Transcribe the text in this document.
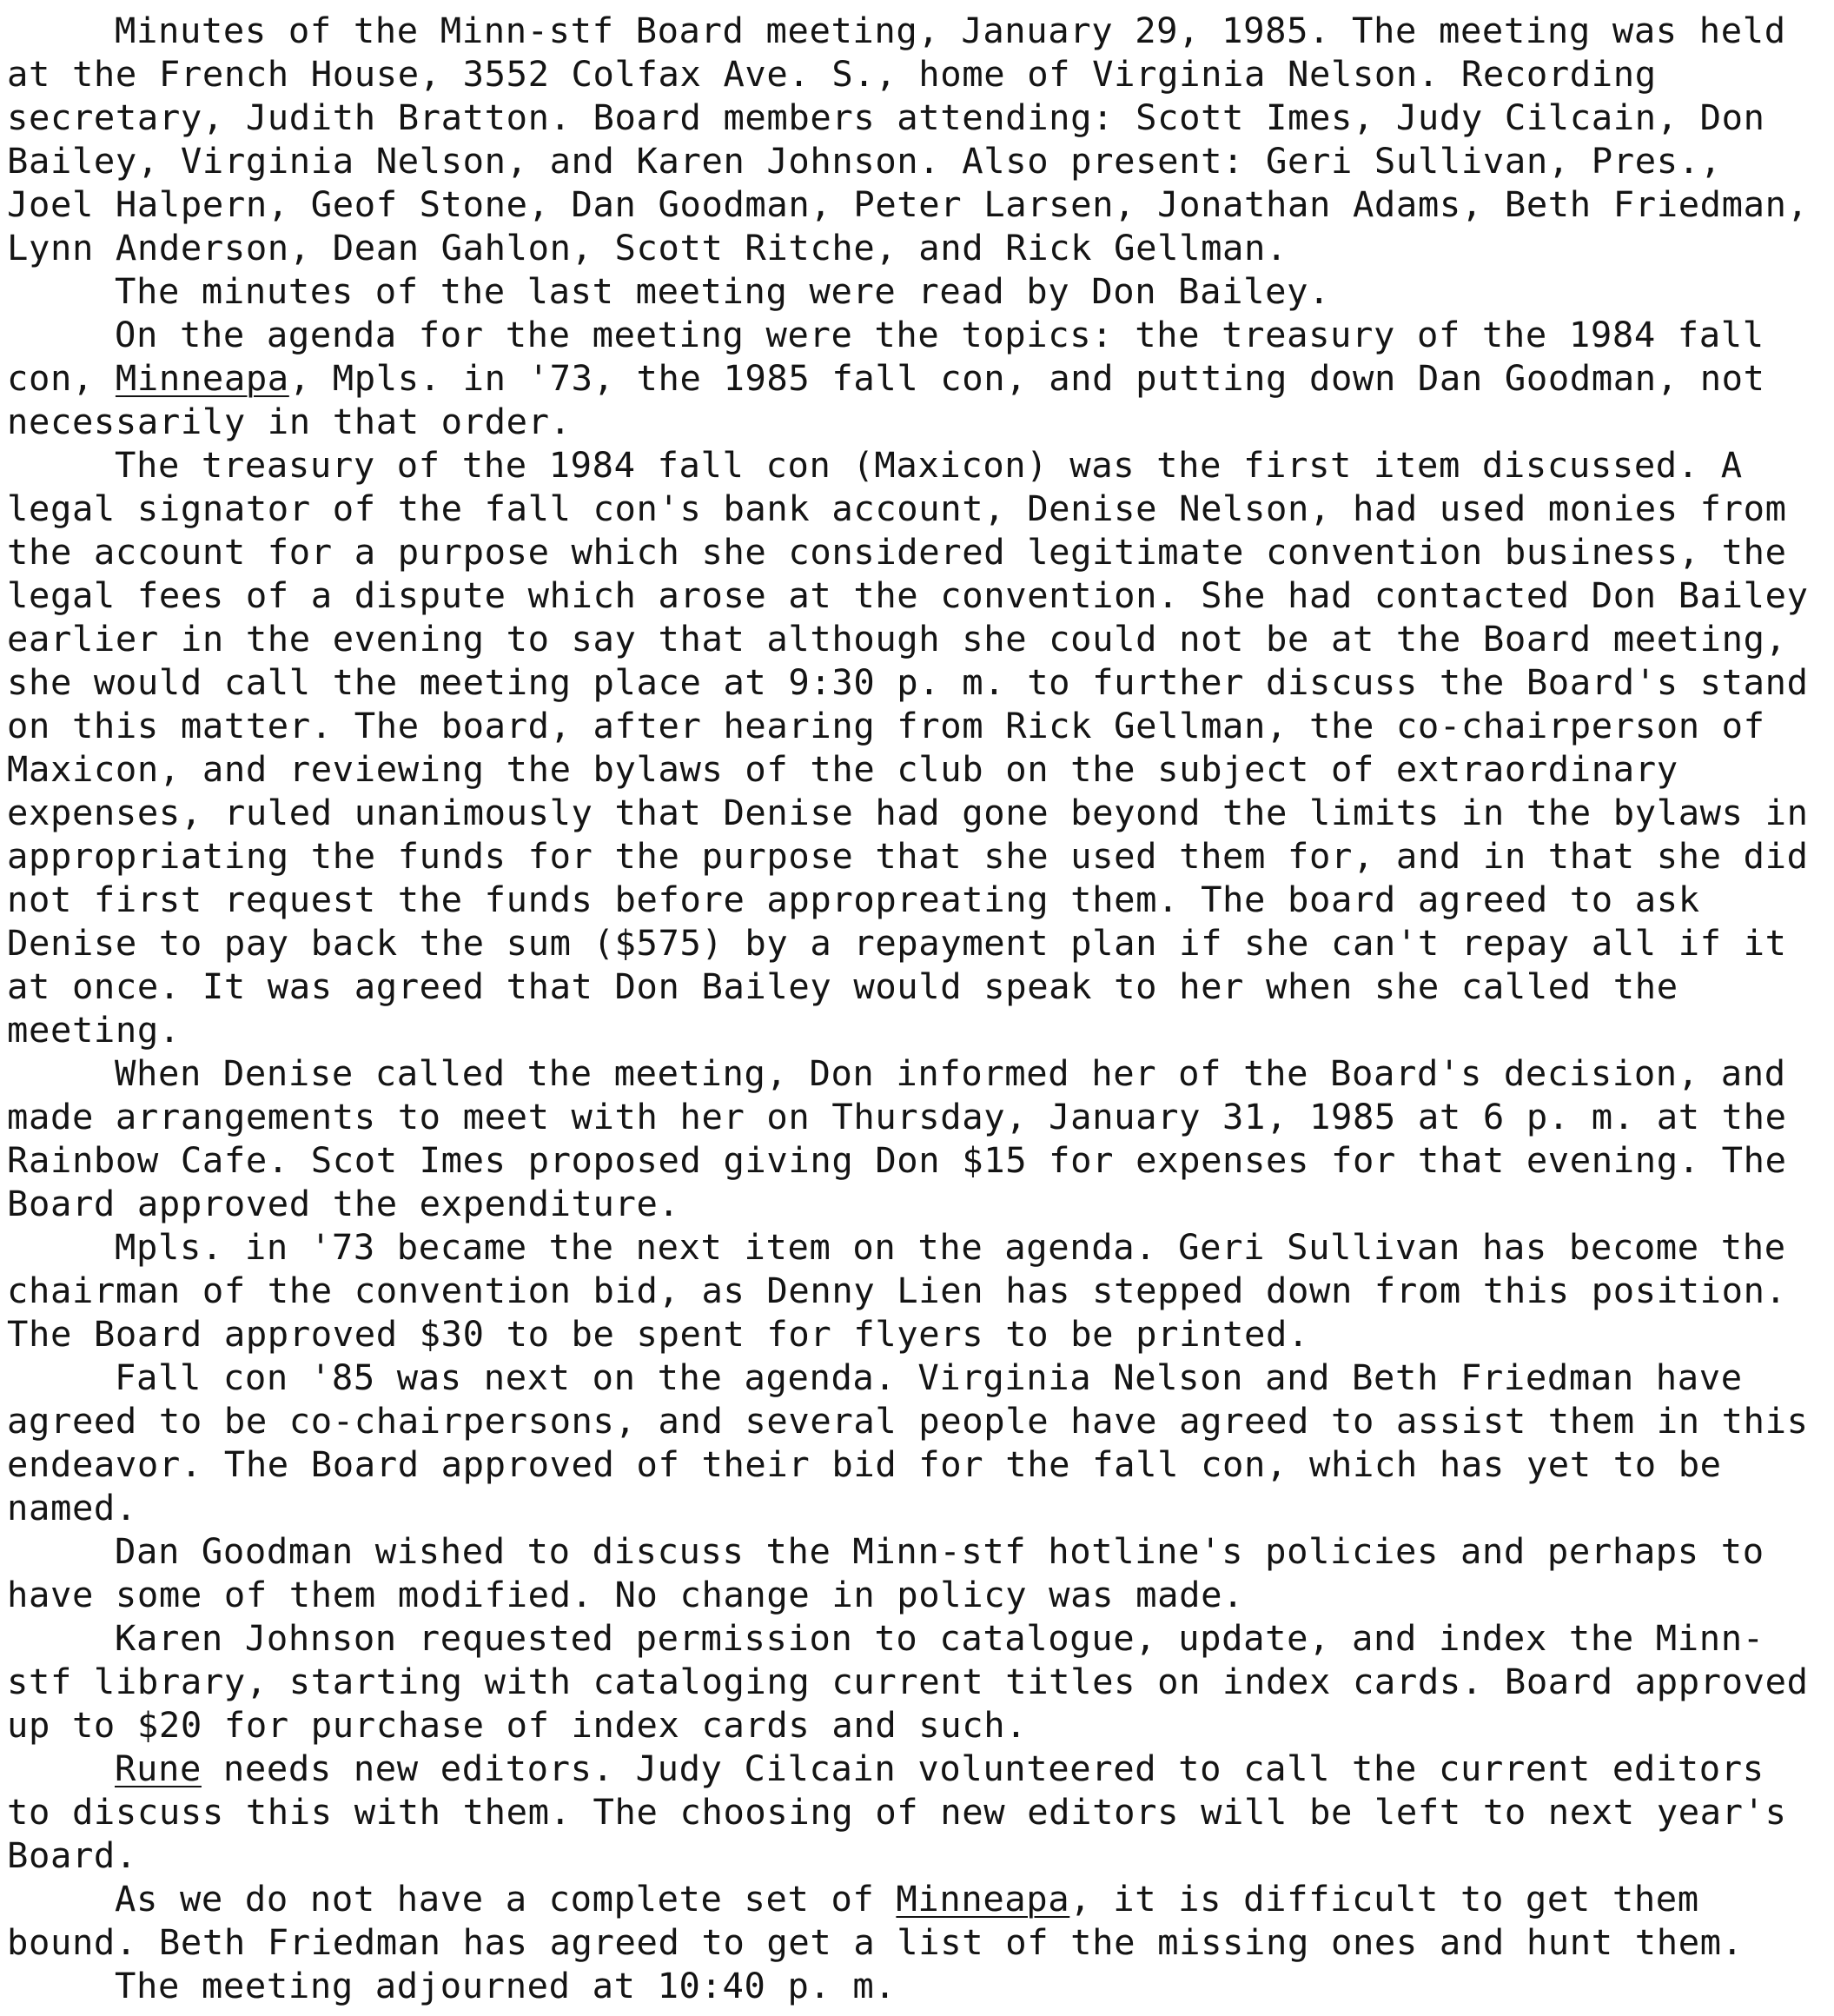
Minutes of the Minn-stf Board meeting, January 29, 1985. The meeting was held at the French House, 3552 Colfax Ave. S., home of Virginia Nelson. Recording secretary, Judith Bratton. Board members attending: Scott Imes, Judy Cilcain, Don Bailey, Virginia Nelson, and Karen Johnson. Also present: Geri Sullivan, Pres., Joel Halpern, Geof Stone, Dan Goodman, Peter Larsen, Jonathan Adams, Beth Friedman, Lynn Anderson, Dean Gahlon, Scott Ritche, and Rick Gellman.

The minutes of the last meeting were read by Don Bailey.

On the agenda for the meeting were the topics: the treasury of the 1984 fall con, Minneapa, Mpls. in '73, the 1985 fall con, and putting down Dan Goodman, not necessarily in that order.

The treasury of the 1984 fall con (Maxicon) was the first item discussed. A legal signator of the fall con's bank account, Denise Nelson, had used monies from the account for a purpose which she considered legitimate convention business, the legal fees of a dispute which arose at the convention. She had contacted Don Bailey earlier in the evening to say that although she could not be at the Board meeting, she would call the meeting place at 9:30 p. m. to further discuss the Board's stand on this matter. The board, after hearing from Rick Gellman, the co-chairperson of Maxicon, and reviewing the bylaws of the club on the subject of extraordinary expenses, ruled unanimously that Denise had gone beyond the limits in the bylaws in appropriating the funds for the purpose that she used them for, and in that she did not first request the funds before appropreating them. The board agreed to ask Denise to pay back the sum ($575) by a repayment plan if she can't repay all if it at once. It was agreed that Don Bailey would speak to her when she called the meeting.

When Denise called the meeting, Don informed her of the Board's decision, and made arrangements to meet with her on Thursday, January 31, 1985 at 6 p. m. at the Rainbow Cafe. Scot Imes proposed giving Don $15 for expenses for that evening. The Board approved the expenditure.

Mpls. in '73 became the next item on the agenda. Geri Sullivan has become the chairman of the convention bid, as Denny Lien has stepped down from this position. The Board approved $30 to be spent for flyers to be printed.

Fall con '85 was next on the agenda. Virginia Nelson and Beth Friedman have agreed to be co-chairpersons, and several people have agreed to assist them in this endeavor. The Board approved of their bid for the fall con, which has yet to be named.

Dan Goodman wished to discuss the Minn-stf hotline's policies and perhaps to have some of them modified. No change in policy was made.

Karen Johnson requested permission to catalogue, update, and index the Minn-stf library, starting with cataloging current titles on index cards. Board approved up to $20 for purchase of index cards and such.

Rune needs new editors. Judy Cilcain volunteered to call the current editors to discuss this with them. The choosing of new editors will be left to next year's Board.

As we do not have a complete set of Minneapa, it is difficult to get them bound. Beth Friedman has agreed to get a list of the missing ones and hunt them.

The meeting adjourned at 10:40 p. m.
